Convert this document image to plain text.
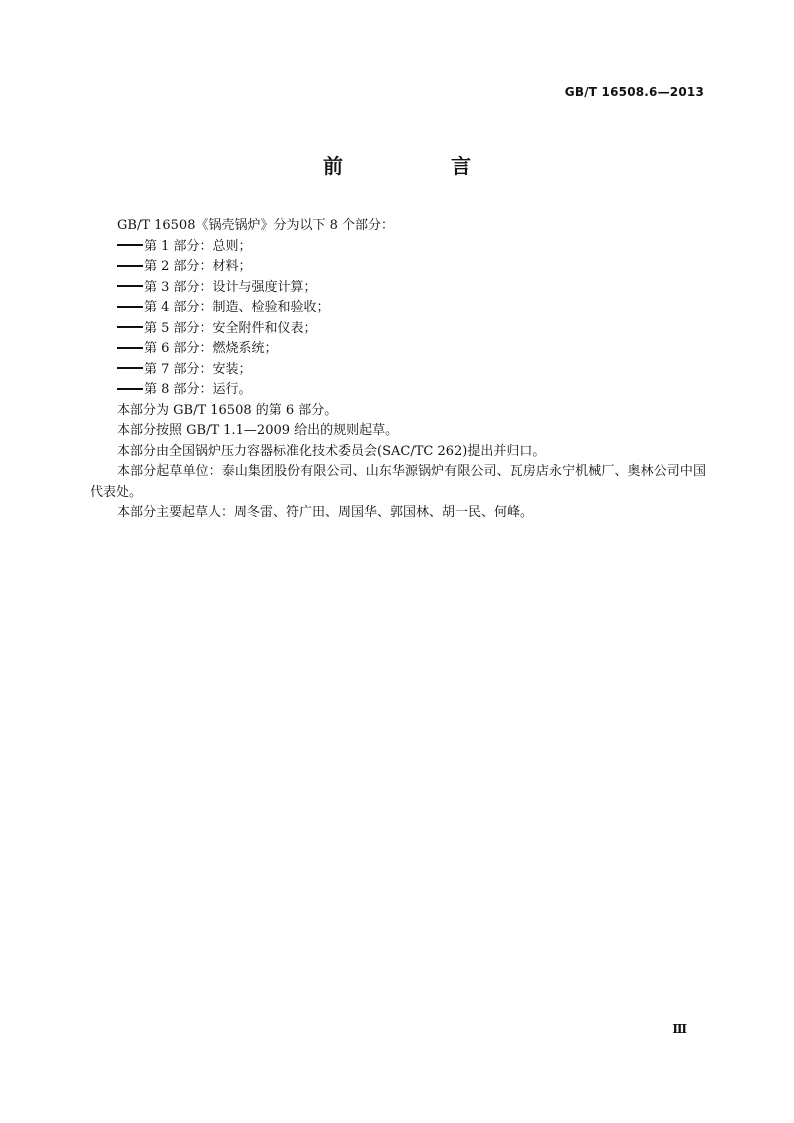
GB/T 16508.6—2013
前　言

GB/T 16508《锅壳锅炉》分为以下 8 个部分：

第 1 部分：总则；

第 2 部分：材料；

第 3 部分：设计与强度计算；

第 4 部分：制造、检验和验收；

第 5 部分：安全附件和仪表；

第 6 部分：燃烧系统；

第 7 部分：安装；

第 8 部分：运行。

本部分为 GB/T 16508 的第 6 部分。

本部分按照 GB/T 1.1—2009 给出的规则起草。

本部分由全国锅炉压力容器标准化技术委员会(SAC/TC 262)提出并归口。

本部分起草单位：泰山集团股份有限公司、山东华源锅炉有限公司、瓦房店永宁机械厂、奥林公司中国代表处。

本部分主要起草人：周冬雷、符广田、周国华、郭国林、胡一民、何峰。

Ⅲ
